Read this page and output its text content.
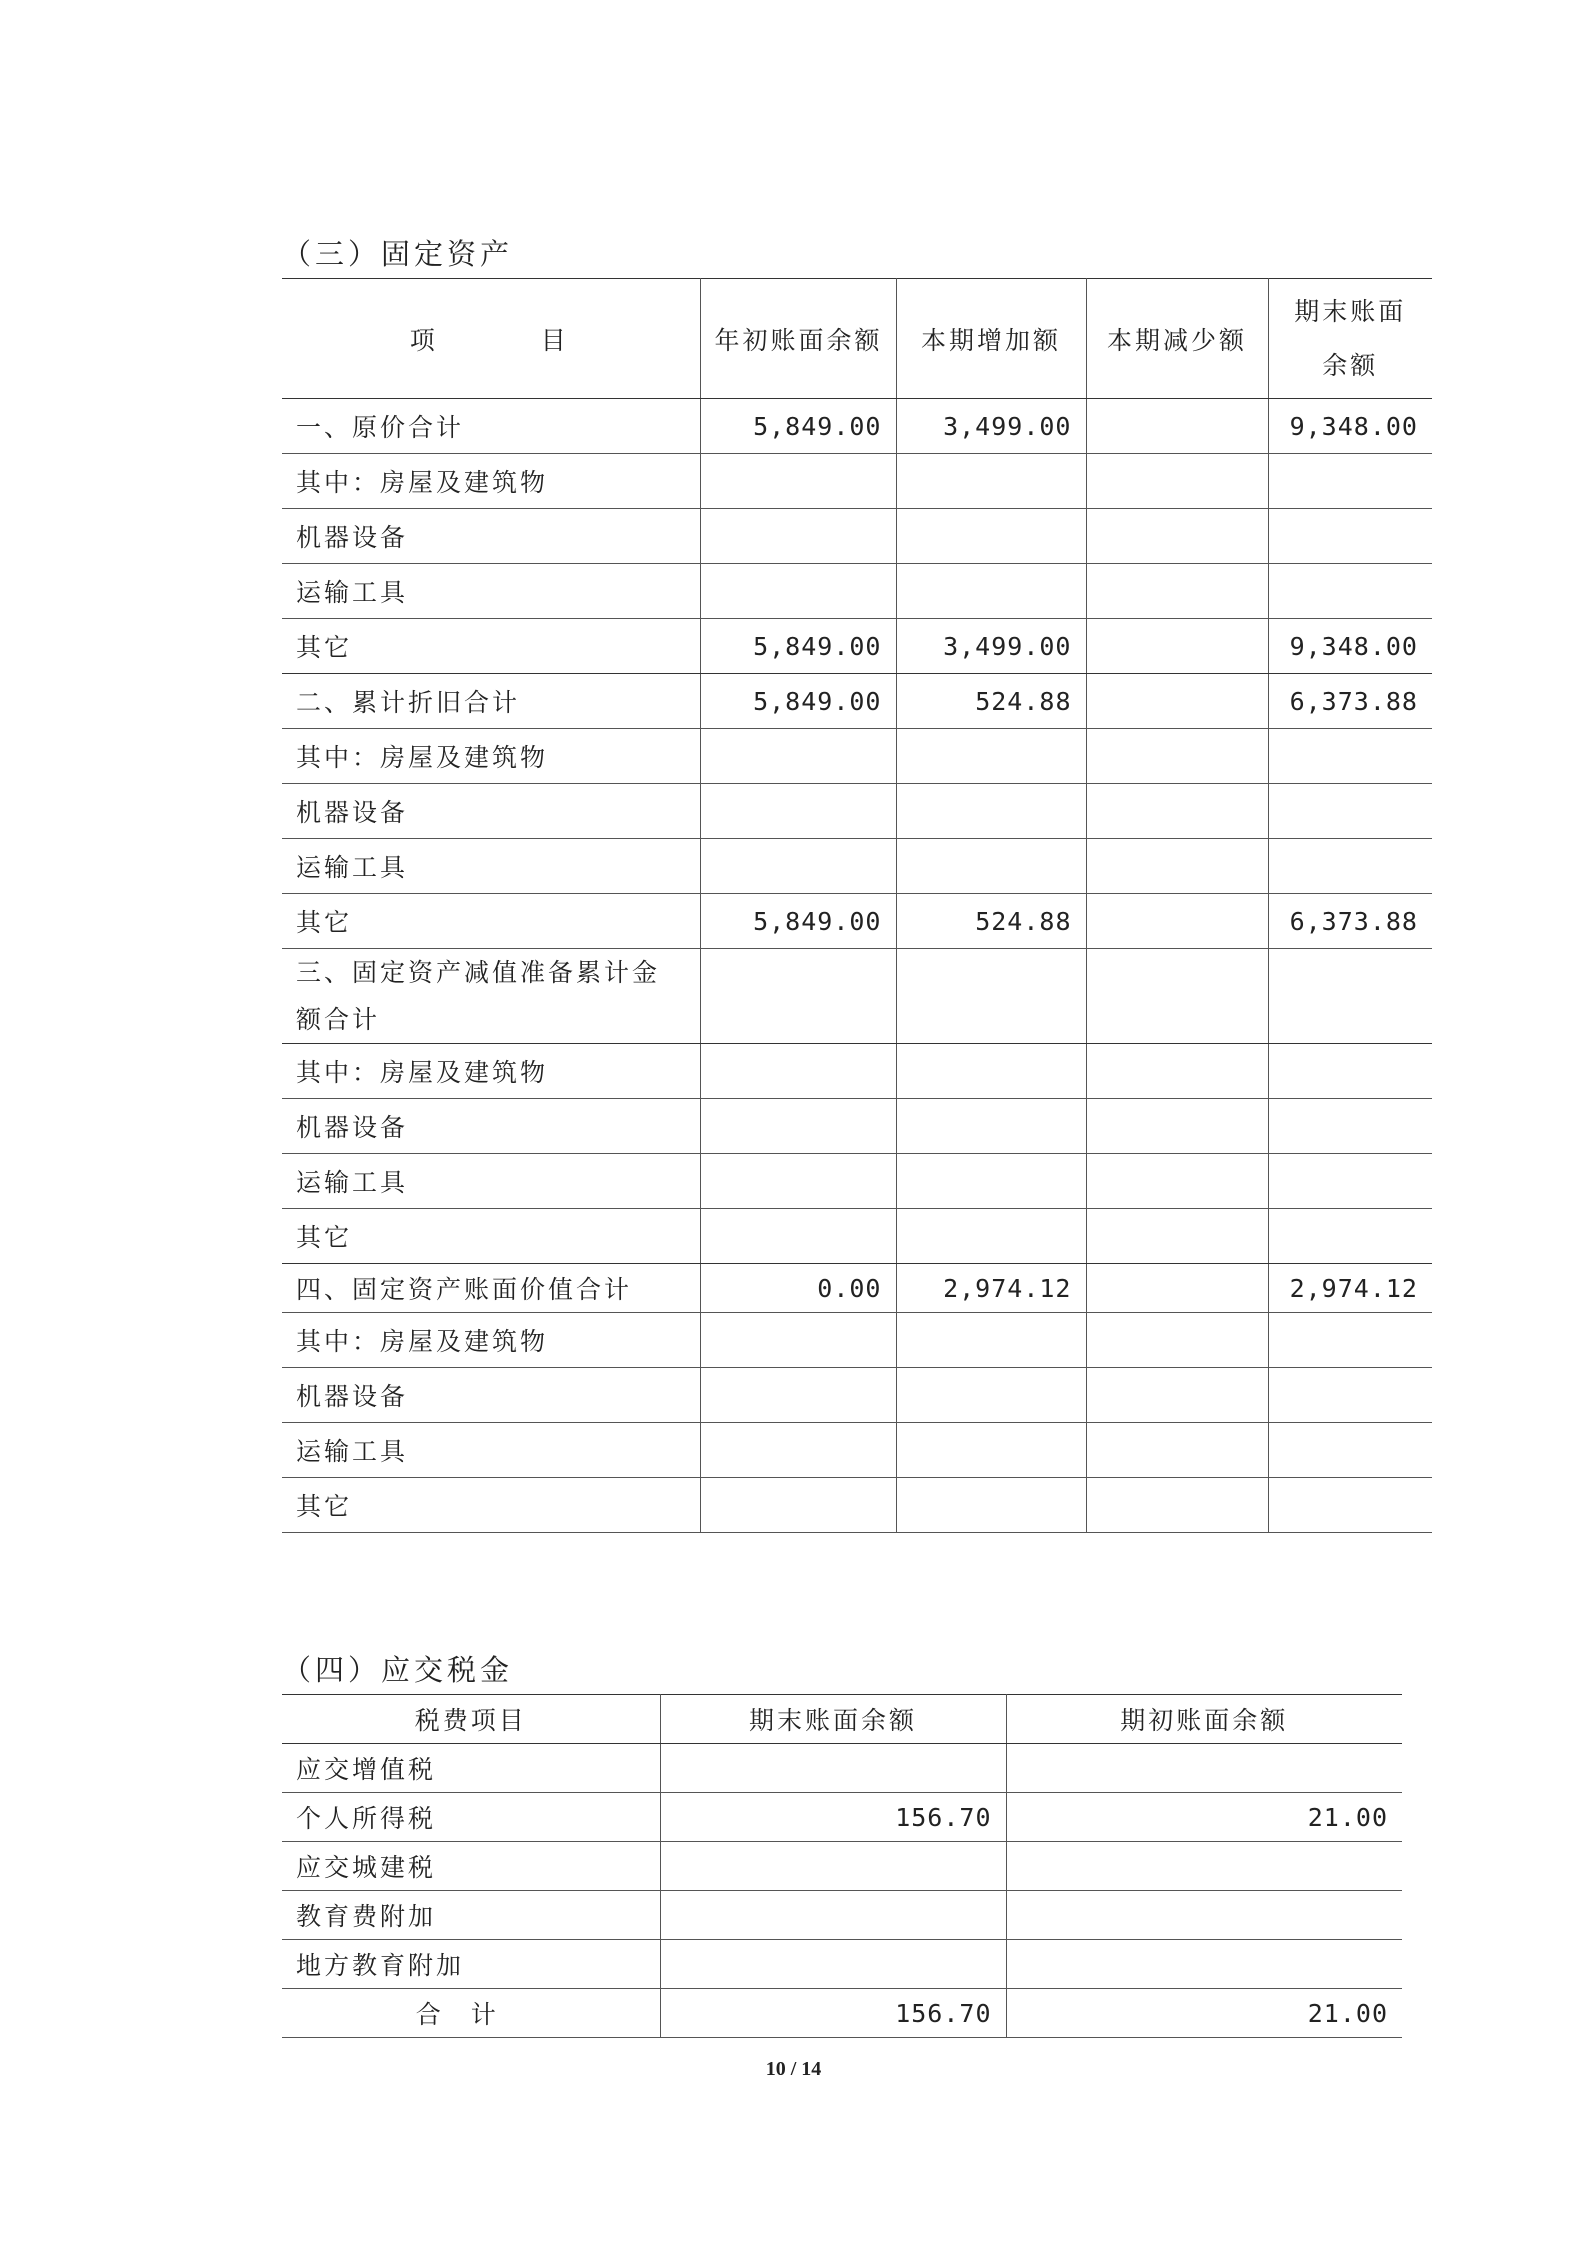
（三）固定资产
项 目	年初账面余额	本期增加额	本期减少额	期末账面
余额
一、原价合计	5,849.00	3,499.00		9,348.00
其中：房屋及建筑物				
机器设备				
运输工具				
其它	5,849.00	3,499.00		9,348.00
二、累计折旧合计	5,849.00	524.88		6,373.88
其中：房屋及建筑物				
机器设备				
运输工具				
其它	5,849.00	524.88		6,373.88
三、固定资产减值准备累计金额合计				
其中：房屋及建筑物				
机器设备				
运输工具				
其它				
四、固定资产账面价值合计	0.00	2,974.12		2,974.12
其中：房屋及建筑物				
机器设备				
运输工具				
其它				
（四）应交税金
税费项目	期末账面余额	期初账面余额
应交增值税		
个人所得税	156.70	21.00
应交城建税		
教育费附加		
地方教育附加		
合计	156.70	21.00
10 / 14
